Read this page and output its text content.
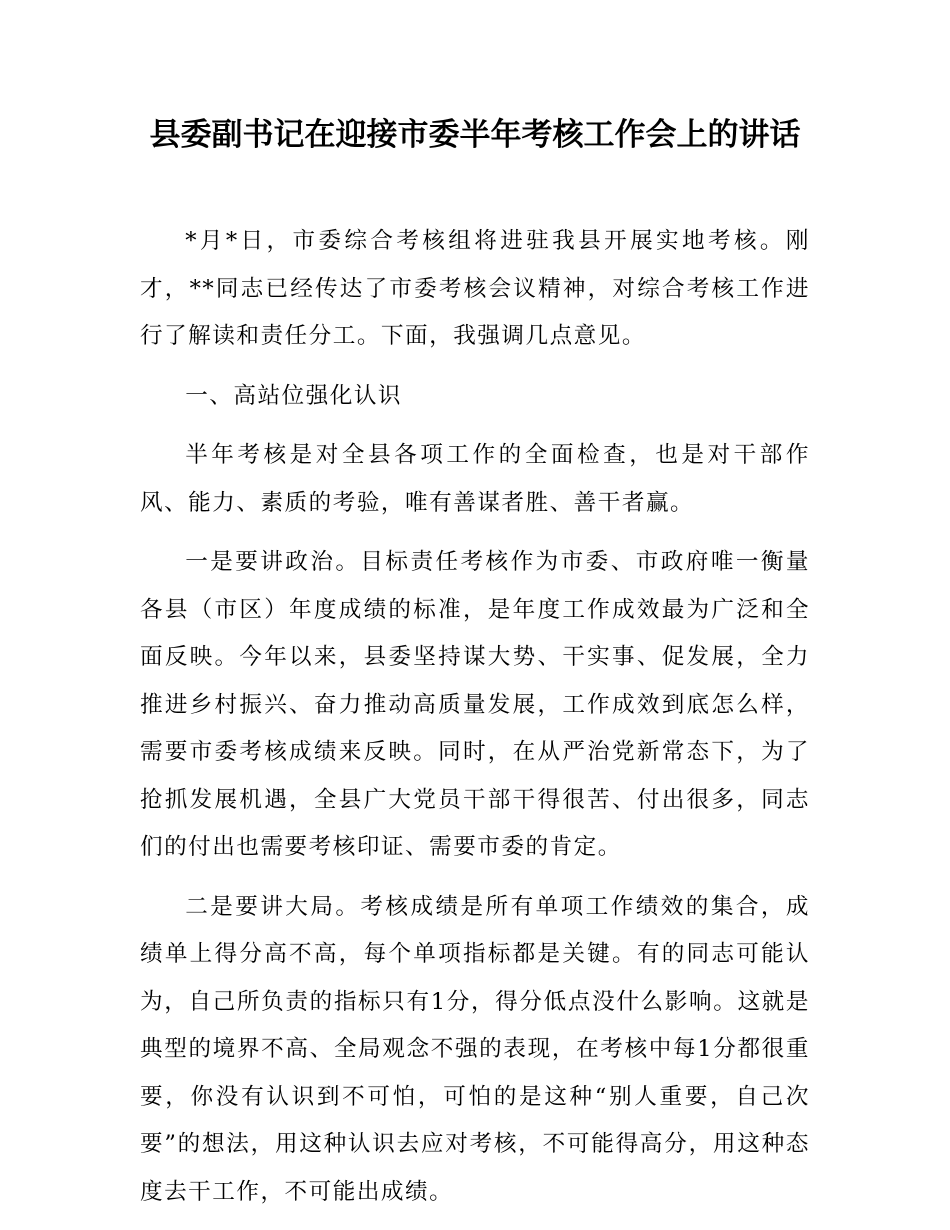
县委副书记在迎接市委半年考核工作会上的讲话

*月*日，市委综合考核组将进驻我县开展实地考核。刚才，**同志已经传达了市委考核会议精神，对综合考核工作进行了解读和责任分工。下面，我强调几点意见。

一、高站位强化认识

半年考核是对全县各项工作的全面检查，也是对干部作风、能力、素质的考验，唯有善谋者胜、善干者赢。

一是要讲政治。目标责任考核作为市委、市政府唯一衡量各县（市区）年度成绩的标准，是年度工作成效最为广泛和全面反映。今年以来，县委坚持谋大势、干实事、促发展，全力推进乡村振兴、奋力推动高质量发展，工作成效到底怎么样，需要市委考核成绩来反映。同时，在从严治党新常态下，为了抢抓发展机遇，全县广大党员干部干得很苦、付出很多，同志们的付出也需要考核印证、需要市委的肯定。

二是要讲大局。考核成绩是所有单项工作绩效的集合，成绩单上得分高不高，每个单项指标都是关键。有的同志可能认为，自己所负责的指标只有1分，得分低点没什么影响。这就是典型的境界不高、全局观念不强的表现，在考核中每1分都很重要，你没有认识到不可怕，可怕的是这种“别人重要，自己次要”的想法，用这种认识去应对考核，不可能得高分，用这种态度去干工作，不可能出成绩。
